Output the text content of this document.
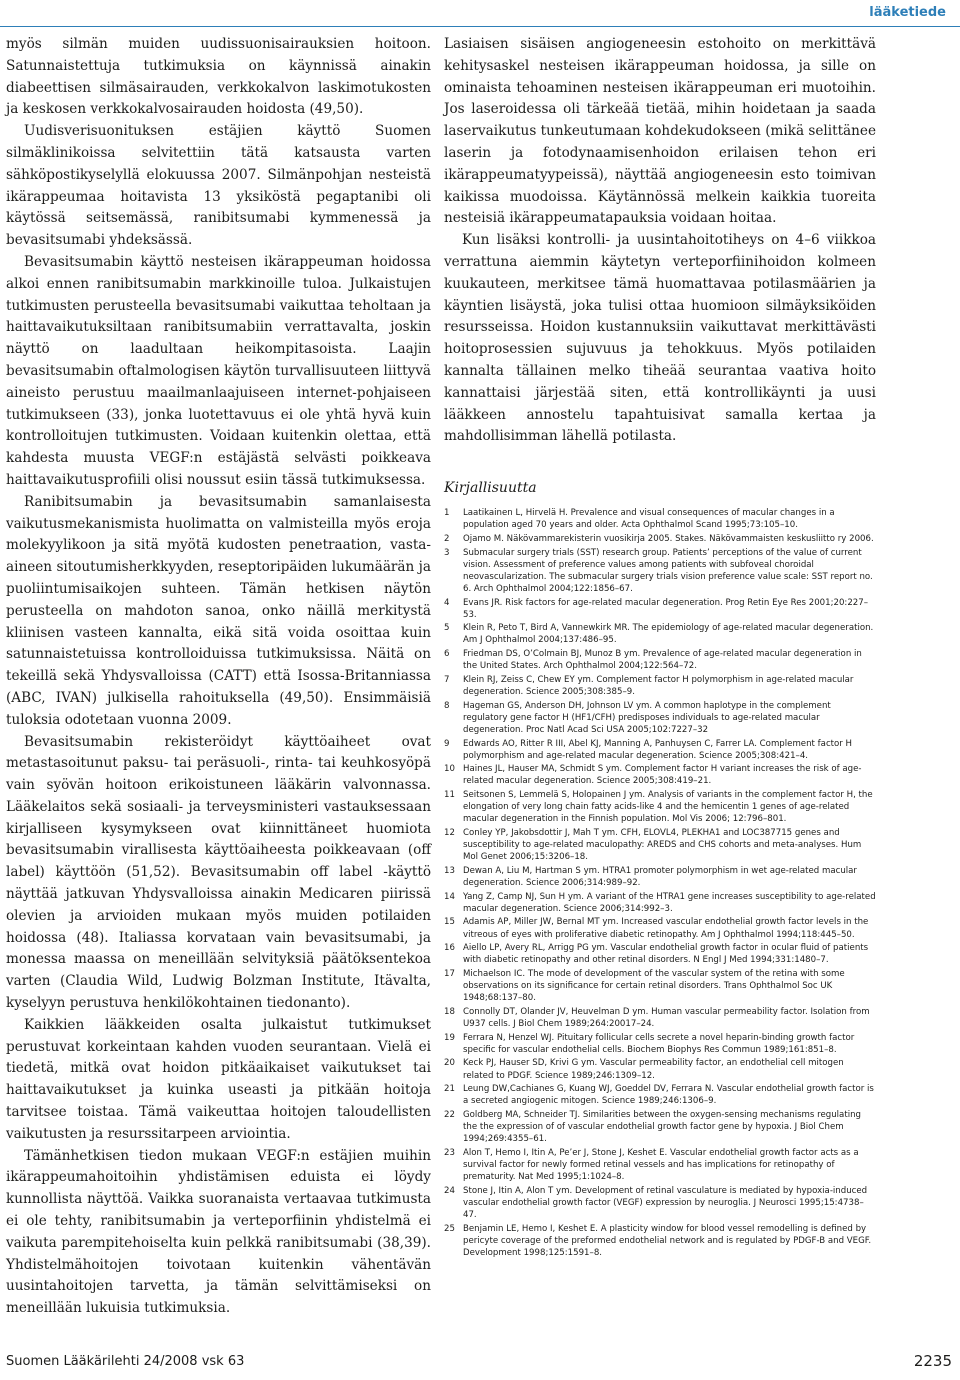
lääketiede

myös silmän muiden uudissuonisairauksien hoitoon. Satunnaistettuja tutkimuksia on käynnissä ainakin diabeettisen silmäsairauden, verkkokalvon laskimotukosten ja keskosen verkkokalvosairauden hoidosta (49,50).

Uudisverisuonituksen estäjien käyttö Suomen silmäklinikoissa selvitettiin tätä katsausta varten sähköpostikyselyllä elokuussa 2007. Silmänpohjan nesteistä ikärappeumaa hoitavista 13 yksiköstä pegaptanibi oli käytössä seitsemässä, ranibitsumabi kymmenessä ja bevasitsumabi yhdeksässä.

Bevasitsumabin käyttö nesteisen ikärappeuman hoidossa alkoi ennen ranibitsumabin markkinoille tuloa. Julkaistujen tutkimusten perusteella bevasitsumabi vaikuttaa teholtaan ja haittavaikutuksiltaan ranibitsumabiin verrattavalta, joskin näyttö on laadultaan heikompitasoista. Laajin bevasitsumabin oftalmologisen käytön turvallisuuteen liittyvä aineisto perustuu maailmanlaajuiseen internet-pohjaiseen tutkimukseen (33), jonka luotettavuus ei ole yhtä hyvä kuin kontrolloitujen tutkimusten. Voidaan kuitenkin olettaa, että kahdesta muusta VEGF:n estäjästä selvästi poikkeava haittavaikutusprofiili olisi noussut esiin tässä tutkimuksessa.

Ranibitsumabin ja bevasitsumabin samanlaisesta vaikutusmekanismista huolimatta on valmisteilla myös eroja molekyylikoon ja sitä myötä kudosten penetraation, vasta-aineen sitoutumisherkkyyden, reseptoripäiden lukumäärän ja puoliintumisaikojen suhteen. Tämän hetkisen näytön perusteella on mahdoton sanoa, onko näillä merkitystä kliinisen vasteen kannalta, eikä sitä voida osoittaa kuin satunnaistetuissa kontrolloiduissa tutkimuksissa. Näitä on tekeillä sekä Yhdysvalloissa (CATT) että Isossa-Britanniassa (ABC, IVAN) julkisella rahoituksella (49,50). Ensimmäisiä tuloksia odotetaan vuonna 2009.

Bevasitsumabin rekisteröidyt käyttöaiheet ovat metastasoitunut paksu- tai peräsuoli-, rinta- tai keuhkosyöpä vain syövän hoitoon erikoistuneen lääkärin valvonnassa. Lääkelaitos sekä sosiaali- ja terveysministeri vastauksessaan kirjalliseen kysymykseen ovat kiinnittäneet huomiota bevasitsumabin virallisesta käyttöaiheesta poikkeavaan (off label) käyttöön (51,52). Bevasitsumabin off label -käyttö näyttää jatkuvan Yhdysvalloissa ainakin Medicaren piirissä olevien ja arvioiden mukaan myös muiden potilaiden hoidossa (48). Italiassa korvataan vain bevasitsumabi, ja monessa maassa on meneillään selvityksiä päätöksentekoa varten (Claudia Wild, Ludwig Bolzman Institute, Itävalta, kyselyyn perustuva henkilökohtainen tiedonanto).

Kaikkien lääkkeiden osalta julkaistut tutkimukset perustuvat korkeintaan kahden vuoden seurantaan. Vielä ei tiedetä, mitkä ovat hoidon pitkäaikaiset vaikutukset tai haittavaikutukset ja kuinka useasti ja pitkään hoitoja tarvitsee toistaa. Tämä vaikeuttaa hoitojen taloudellisten vaikutusten ja resurssitarpeen arviointia.

Tämänhetkisen tiedon mukaan VEGF:n estäjien muihin ikärappeumahoitoihin yhdistämisen eduista ei löydy kunnollista näyttöä. Vaikka suoranaista vertaavaa tutkimusta ei ole tehty, ranibitsumabin ja verteporfiinin yhdistelmä ei vaikuta parempitehoiselta kuin pelkkä ranibitsumabi (38,39). Yhdistelmähoitojen toivotaan kuitenkin vähentävän uusintahoitojen tarvetta, ja tämän selvittämiseksi on meneillään lukuisia tutkimuksia.

Lasiaisen sisäisen angiogeneesin estohoito on merkittävä kehitysaskel nesteisen ikärappeuman hoidossa, ja sille on ominaista tehoaminen nesteisen ikärappeuman eri muotoihin. Jos laseroidessa oli tärkeää tietää, mihin hoidetaan ja saada laservaikutus tunkeutumaan kohdekudokseen (mikä selittänee laserin ja fotodynaamisenhoidon erilaisen tehon eri ikärappeumatyypeissä), näyttää angiogeneesin esto toimivan kaikissa muodoissa. Käytännössä melkein kaikkia tuoreita nesteisiä ikärappeumatapauksia voidaan hoitaa.

Kun lisäksi kontrolli- ja uusintahoitotiheys on 4–6 viikkoa verrattuna aiemmin käytetyn verteporfiinihoidon kolmeen kuukauteen, merkitsee tämä huomattavaa potilasmäärien ja käyntien lisäystä, joka tulisi ottaa huomioon silmäyksiköiden resursseissa. Hoidon kustannuksiin vaikuttavat merkittävästi hoitoprosessien sujuvuus ja tehokkuus. Myös potilaiden kannalta tällainen melko tiheää seurantaa vaativa hoito kannattaisi järjestää siten, että kontrollikäynti ja uusi lääkkeen annostelu tapahtuisivat samalla kertaa ja mahdollisimman lähellä potilasta.

Kirjallisuutta
1	Laatikainen L, Hirvelä H. Prevalence and visual consequences of macular changes in a population aged 70 years and older. Acta Ophthalmol Scand 1995;73:105–10.
2	Ojamo M. Näkövammarekisterin vuosikirja 2005. Stakes. Näkövammaisten keskusliitto ry 2006.
3	Submacular surgery trials (SST) research group. Patients’ perceptions of the value of current vision. Assessment of preference values among patients with subfoveal choroidal neovascularization. The submacular surgery trials vision preference value scale: SST report no. 6. Arch Ophthalmol 2004;122:1856–67.
4	Evans JR. Risk factors for age-related macular degeneration. Prog Retin Eye Res 2001;20:227–53.
5	Klein R, Peto T, Bird A, Vannewkirk MR. The epidemiology of age-related macular degeneration. Am J Ophthalmol 2004;137:486–95.
6	Friedman DS, O’Colmain BJ, Munoz B ym. Prevalence of age-related macular degeneration in the United States. Arch Ophthalmol 2004;122:564–72.
7	Klein RJ, Zeiss C, Chew EY ym. Complement factor H polymorphism in age-related macular degeneration. Science 2005;308:385–9.
8	Hageman GS, Anderson DH, Johnson LV ym. A common haplotype in the complement regulatory gene factor H (HF1/CFH) predisposes individuals to age-related macular degeneration. Proc Natl Acad Sci USA 2005;102:7227–32
9	Edwards AO, Ritter R III, Abel KJ, Manning A, Panhuysen C, Farrer LA. Complement factor H polymorphism and age-related macular degeneration. Science 2005;308:421–4.
10 Haines JL, Hauser MA, Schmidt S ym. Complement factor H variant increases the risk of age-related macular degeneration. Science 2005;308:419–21.
11 Seitsonen S, Lemmelä S, Holopainen J ym. Analysis of variants in the complement factor H, the elongation of very long chain fatty acids-like 4 and the hemicentin 1 genes of age-related macular degeneration in the Finnish population. Mol Vis 2006; 12:796–801.
12 Conley YP, Jakobsdottir J, Mah T ym. CFH, ELOVL4, PLEKHA1 and LOC387715 genes and susceptibility to age-related maculopathy: AREDS and CHS cohorts and meta-analyses. Hum Mol Genet 2006;15:3206–18.
13 Dewan A, Liu M, Hartman S ym. HTRA1 promoter polymorphism in wet age-related macular degeneration. Science 2006;314:989–92.
14 Yang Z, Camp NJ, Sun H ym. A variant of the HTRA1 gene increases susceptibility to age-related macular degeneration. Science 2006;314:992–3.
15 Adamis AP, Miller JW, Bernal MT ym. Increased vascular endothelial growth factor levels in the vitreous of eyes with proliferative diabetic retinopathy. Am J Ophthalmol 1994;118:445–50.
16 Aiello LP, Avery RL, Arrigg PG ym. Vascular endothelial growth factor in ocular fluid of patients with diabetic retinopathy and other retinal disorders. N Engl J Med 1994;331:1480–7.
17 Michaelson IC. The mode of development of the vascular system of the retina with some observations on its significance for certain retinal disorders. Trans Ophthalmol Soc UK 1948;68:137–80.
18 Connolly DT, Olander JV, Heuvelman D ym. Human vascular permeability factor. Isolation from U937 cells. J Biol Chem 1989;264:20017–24.
19 Ferrara N, Henzel WJ. Pituitary follicular cells secrete a novel heparin-binding growth factor specific for vascular endothelial cells. Biochem Biophys Res Commun 1989;161:851–8.
20 Keck PJ, Hauser SD, Krivi G ym. Vascular permeability factor, an endothelial cell mitogen related to PDGF. Science 1989;246:1309–12.
21 Leung DW,Cachianes G, Kuang WJ, Goeddel DV, Ferrara N. Vascular endothelial growth factor is a secreted angiogenic mitogen. Science 1989;246:1306–9.
22 Goldberg MA, Schneider TJ. Similarities between the oxygen-sensing mechanisms regulating the the expression of of vascular endothelial growth factor gene by hypoxia. J Biol Chem 1994;269:4355–61.
23 Alon T, Hemo I, Itin A, Pe’er J, Stone J, Keshet E. Vascular endothelial growth factor acts as a survival factor for newly formed retinal vessels and has implications for retinopathy of prematurity. Nat Med 1995;1:1024–8.
24 Stone J, Itin A, Alon T ym. Development of retinal vasculature is mediated by hypoxia-induced vascular endothelial growth factor (VEGF) expression by neuroglia. J Neurosci 1995;15:4738–47.
25 Benjamin LE, Hemo I, Keshet E. A plasticity window for blood vessel remodelling is defined by pericyte coverage of the preformed endothelial network and is regulated by PDGF-B and VEGF. Development 1998;125:1591–8.
Suomen Lääkärilehti 24/2008 vsk 63	2235
